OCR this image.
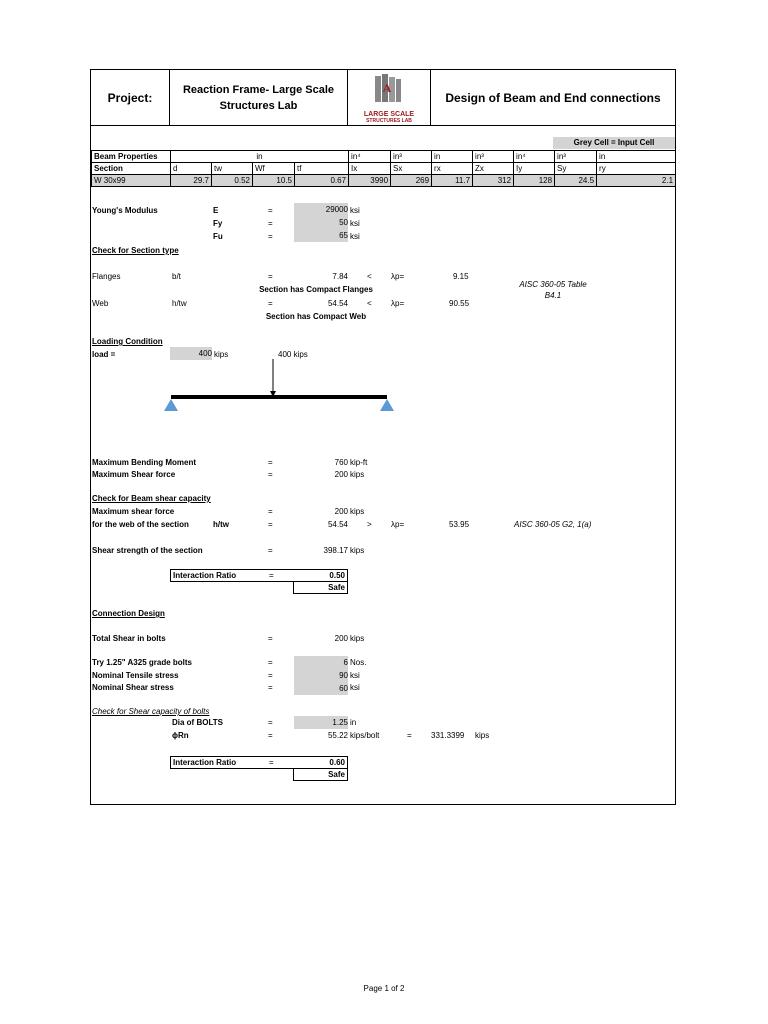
Project:
Reaction Frame- Large Scale Structures Lab
A
LARGE SCALE
STRUCTURES LAB
Design of Beam and End connections
Grey Cell = Input Cell
Beam Properties	in				in⁴	in³	in	in³	in⁴	in³	in	
Section	d	tw	Wf	tf	Ix	Sx	rx	Zx	Iy	Sy	ry	
W 30x99	29.7	0.52	10.5	0.67	3990	269	11.7	312	128	24.5	2.1	
Young's Modulus	E	=	29000 ksi
Fy	=	50 ksi
Fu	=	65 ksi
Check for Section type
Flanges	b/t	=	7.84 < λp=	9.15
Section has Compact Flanges
AISC 360-05 Table B4.1
Web	h/tw	=	54.54 < λp=	90.55
Section has Compact Web
Loading Condition
load =	400 kips	400 kips
Maximum Bending Moment	=	760 kip-ft
Maximum Shear force	=	200 kips
Check for Beam shear capacity
Maximum shear force	=	200 kips
for the web of the section	h/tw	=	54.54 > λp=	53.95	AISC 360-05 G2, 1(a)
Shear strength of the section	=	398.17 kips
Interaction Ratio	=	0.50
Safe
Connection Design
Total Shear in bolts	=	200 kips
Try 1.25" A325 grade bolts	=	6 Nos.
Nominal Tensile stress	=	90 ksi
Nominal Shear stress	=	60 ksi
Check for Shear capacity of bolts
Dia of BOLTS	=	1.25 in
ϕRn	=	55.22 kips/bolt	= 331.3399 kips
Interaction Ratio	=	0.60
Safe
Page 1 of 2
